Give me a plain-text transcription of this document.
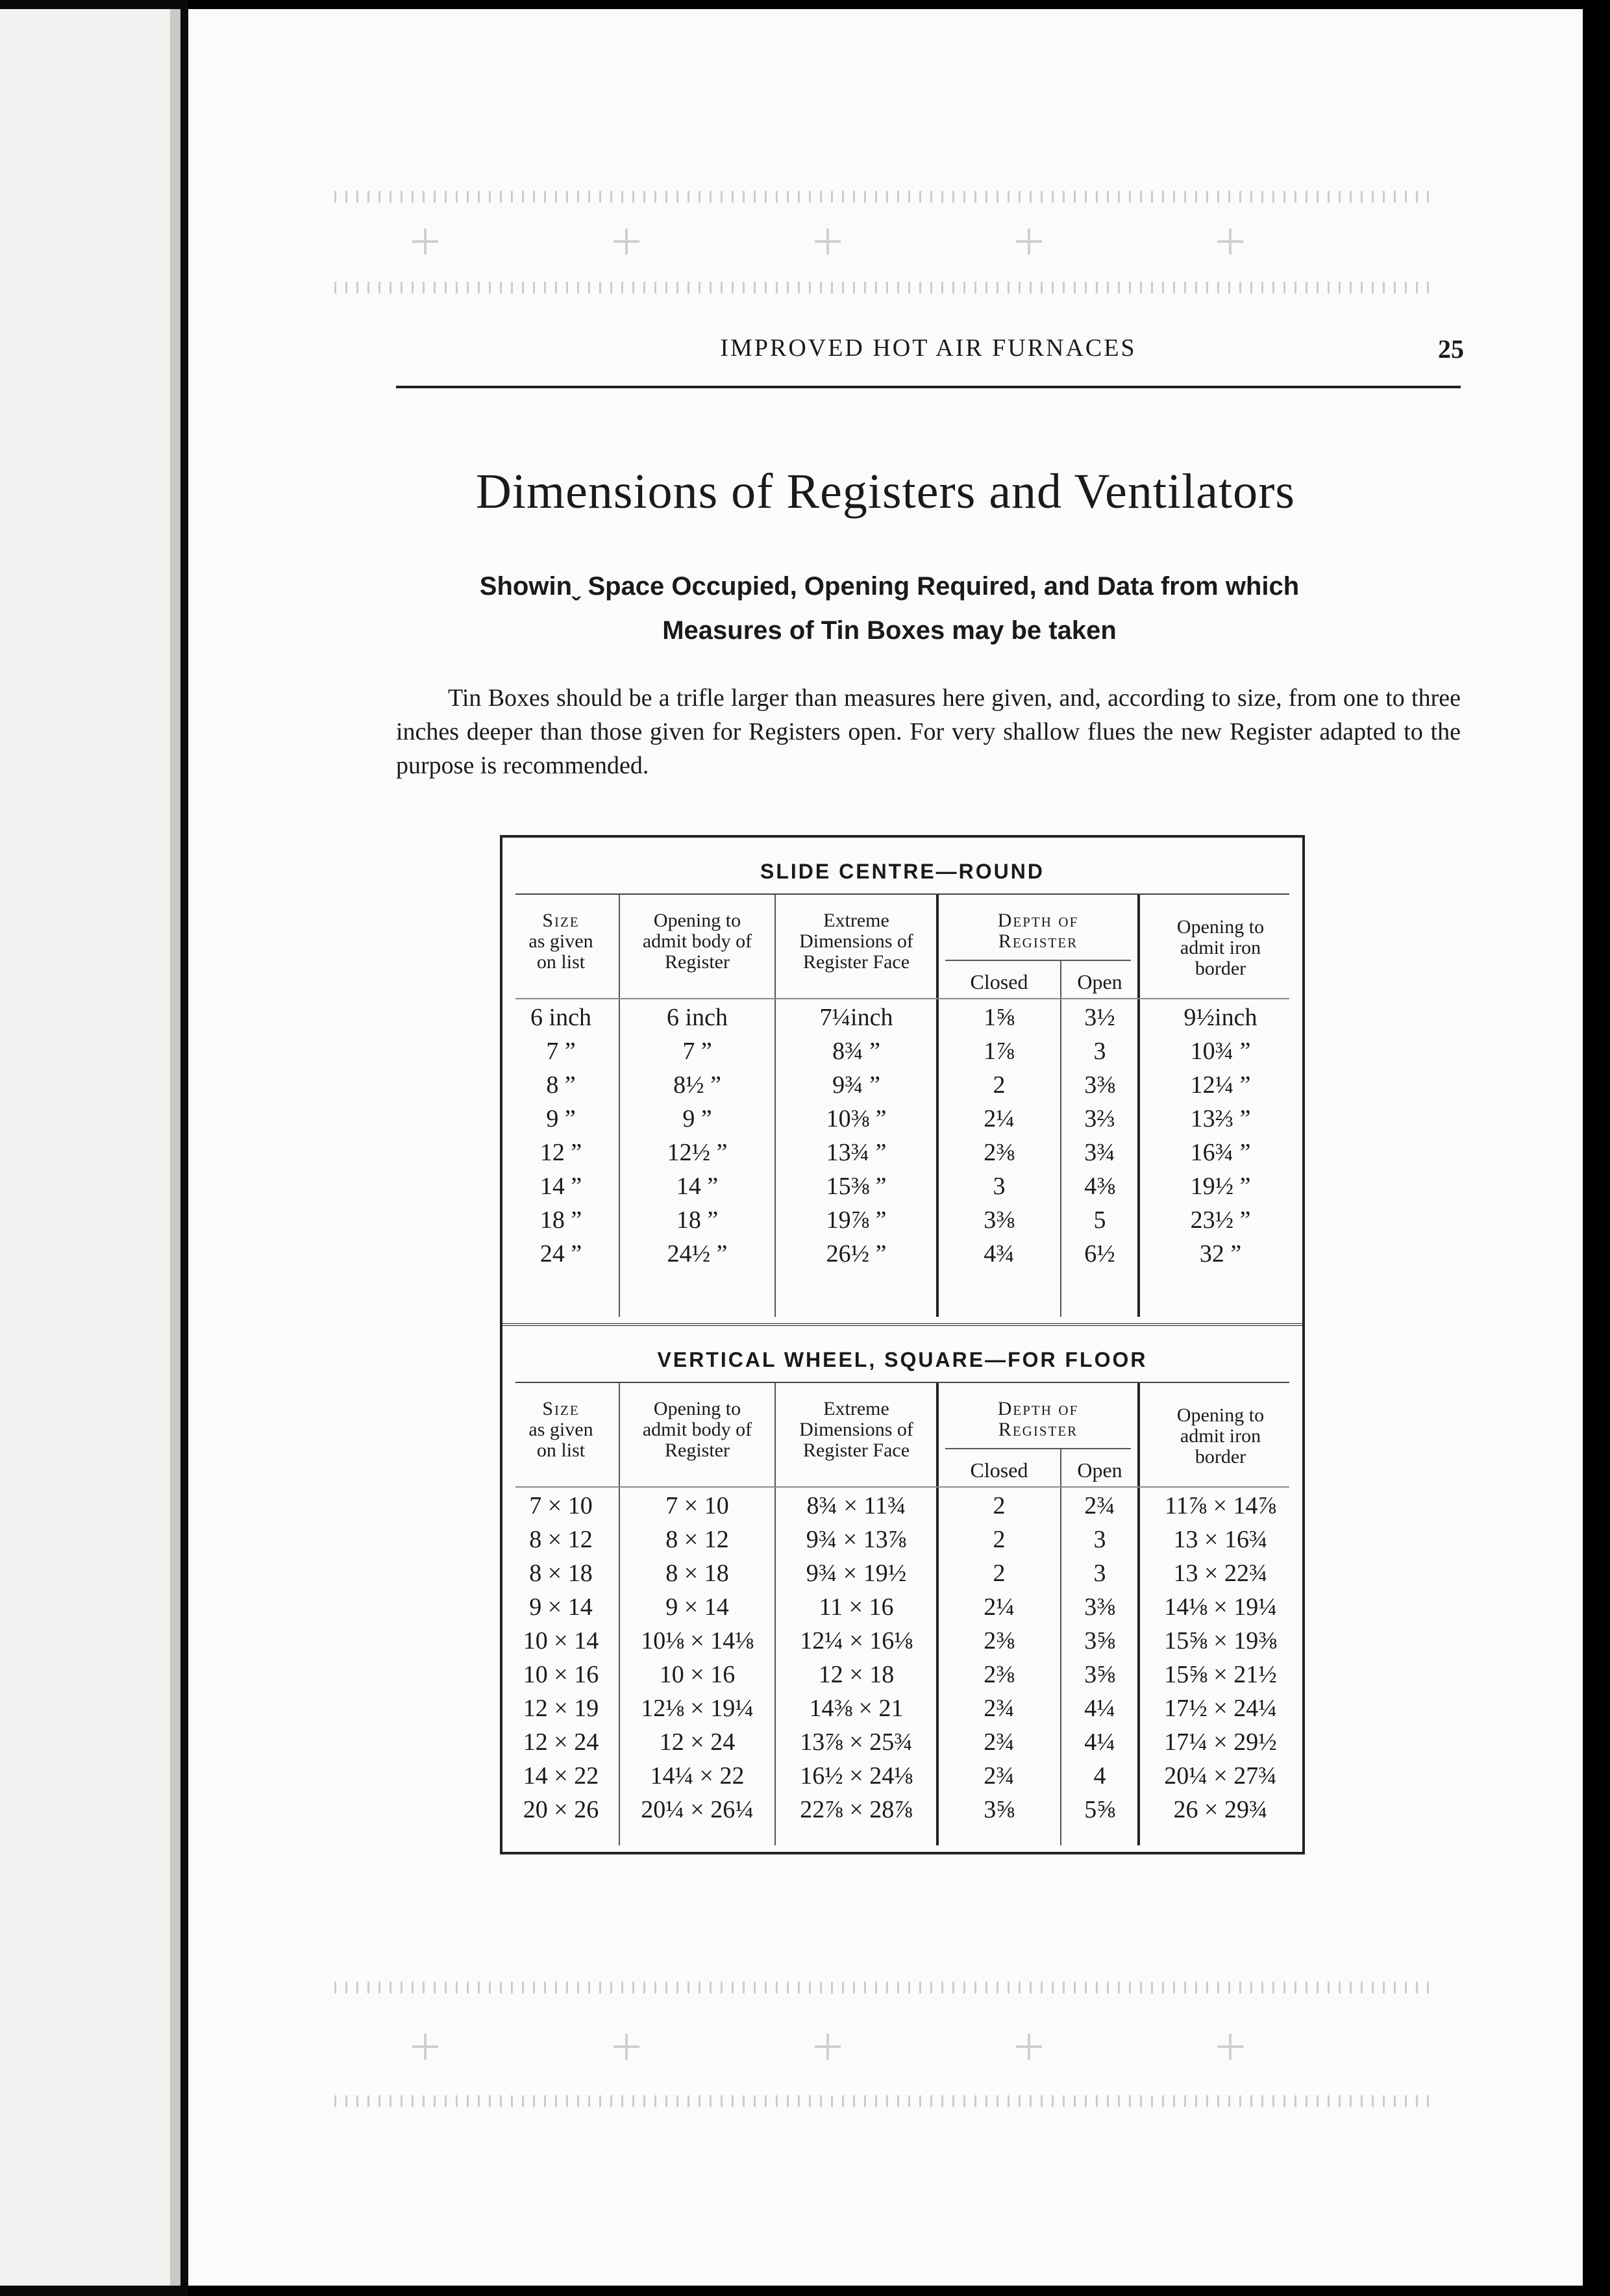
IMPROVED HOT AIR FURNACES	25
Dimensions of Registers and Ventilators
Showinˬ Space Occupied, Opening Required, and Data from which
Measures of Tin Boxes may be taken
Tin Boxes should be a trifle larger than measures here given, and, according to size, from one to three inches deeper than those given for Registers open. For very shallow flues the new Register adapted to the purpose is recommended.
SLIDE CENTRE—ROUND
Size
as given
on list
Opening to
admit body of
Register
Extreme
Dimensions of
Register Face
Depth of
Register
Closed	Open
Opening to
admit iron
border
6 inch	6 inch	7¼inch	1⅝	3½	9½inch
7 ”	7 ”	8¾ ”	1⅞	3	10¾ ”
8 ”	8½ ”	9¾ ”	2	3⅜	12¼ ”
9 ”	9 ”	10⅜ ”	2¼	3⅔	13⅔ ”
12 ”	12½ ”	13¾ ”	2⅜	3¾	16¾ ”
14 ”	14 ”	15⅜ ”	3	4⅜	19½ ”
18 ”	18 ”	19⅞ ”	3⅜	5	23½ ”
24 ”	24½ ”	26½ ”	4¾	6½	32 ”
VERTICAL WHEEL, SQUARE—FOR FLOOR
Size
as given
on list
Opening to
admit body of
Register
Extreme
Dimensions of
Register Face
Depth of
Register
Closed	Open
Opening to
admit iron
border
7 × 10	7 × 10	8¾ × 11¾	2	2¾	11⅞ × 14⅞
8 × 12	8 × 12	9¾ × 13⅞	2	3	13 × 16¾
8 × 18	8 × 18	9¾ × 19½	2	3	13 × 22¾
9 × 14	9 × 14	11 × 16	2¼	3⅜	14⅛ × 19¼
10 × 14	10⅛ × 14⅛	12¼ × 16⅛	2⅜	3⅝	15⅝ × 19⅜
10 × 16	10 × 16	12 × 18	2⅜	3⅝	15⅝ × 21½
12 × 19	12⅛ × 19¼	14⅜ × 21	2¾	4¼	17½ × 24¼
12 × 24	12 × 24	13⅞ × 25¾	2¾	4¼	17¼ × 29½
14 × 22	14¼ × 22	16½ × 24⅛	2¾	4	20¼ × 27¾
20 × 26	20¼ × 26¼	22⅞ × 28⅞	3⅝	5⅝	26 × 29¾
